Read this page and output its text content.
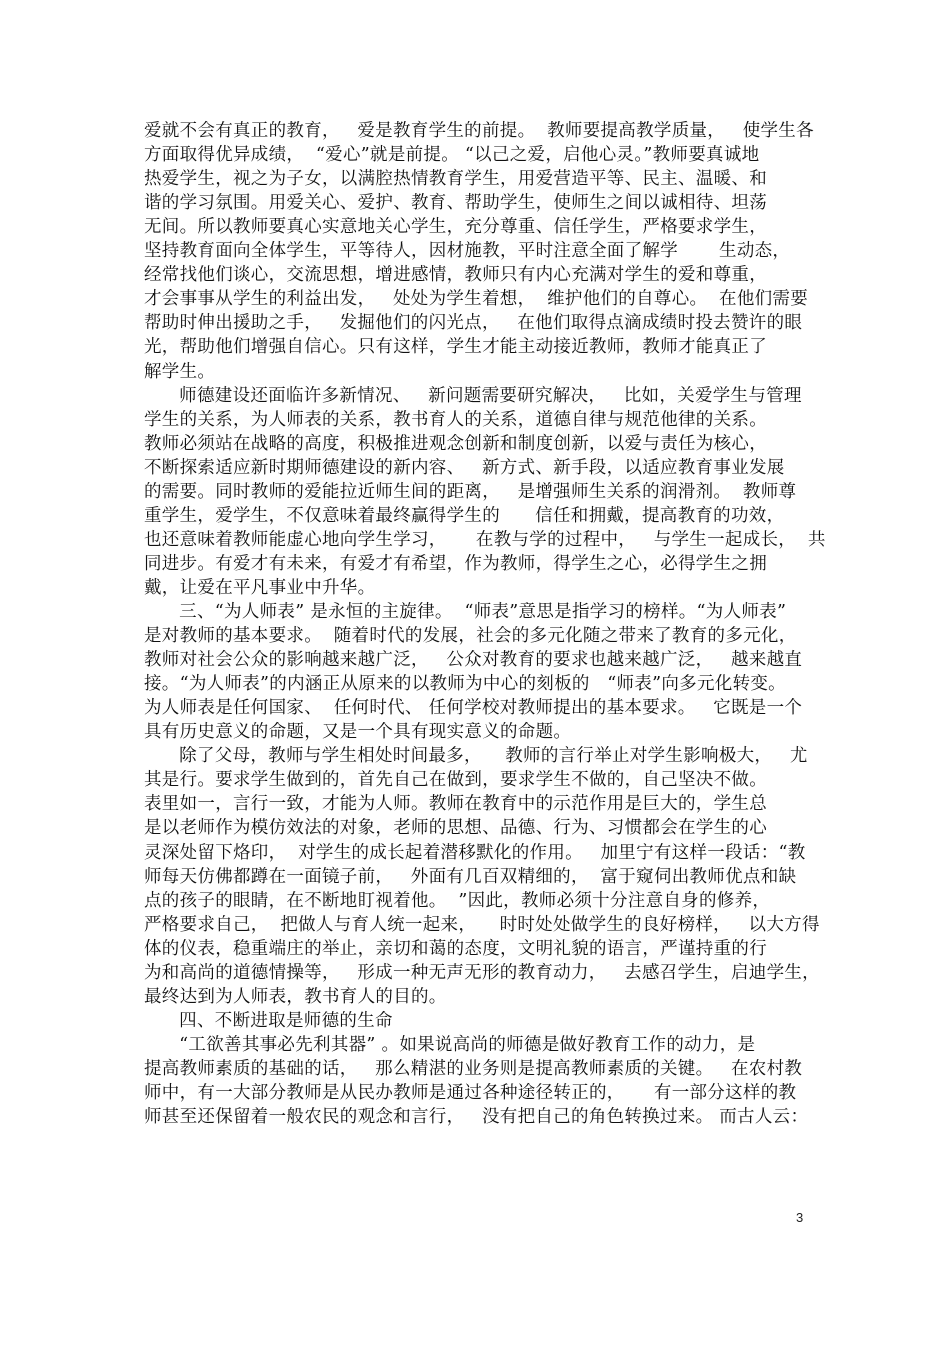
爱就不会有真正的教育，   爱是教育学生的前提。  教师要提高教学质量，   使学生各
方面取得优异成绩，  “爱心”就是前提。 “以己之爱，启他心灵。”教师要真诚地
热爱学生，视之为子女，以满腔热情教育学生，用爱营造平等、民主、温暖、和
谐的学习氛围。用爱关心、爱护、教育、帮助学生，使师生之间以诚相待、坦荡
无间。所以教师要真心实意地关心学生，充分尊重、信任学生，严格要求学生，
坚持教育面向全体学生，平等待人，因材施教，平时注意全面了解学       生动态，
经常找他们谈心，交流思想，增进感情，教师只有内心充满对学生的爱和尊重，
才会事事从学生的利益出发，   处处为学生着想，  维护他们的自尊心。  在他们需要
帮助时伸出援助之手，   发掘他们的闪光点，   在他们取得点滴成绩时投去赞许的眼
光，帮助他们增强自信心。只有这样，学生才能主动接近教师，教师才能真正了
解学生。
师德建设还面临许多新情况、   新问题需要研究解决，   比如，关爱学生与管理
学生的关系，为人师表的关系，教书育人的关系，道德自律与规范他律的关系。
教师必须站在战略的高度，积极推进观念创新和制度创新，以爱与责任为核心，
不断探索适应新时期师德建设的新内容、   新方式、新手段，以适应教育事业发展
的需要。同时教师的爱能拉近师生间的距离，   是增强师生关系的润滑剂。  教师尊
重学生，爱学生，不仅意味着最终赢得学生的      信任和拥戴，提高教育的功效，
也还意味着教师能虚心地向学生学习，     在教与学的过程中，   与学生一起成长，  共
同进步。有爱才有未来，有爱才有希望，作为教师，得学生之心，必得学生之拥
戴，让爱在平凡事业中升华。
三、“为人师表” 是永恒的主旋律。  “师表”意思是指学习的榜样。“为人师表”
是对教师的基本要求。  随着时代的发展，社会的多元化随之带来了教育的多元化，
教师对社会公众的影响越来越广泛，   公众对教育的要求也越来越广泛，   越来越直
接。“为人师表”的内涵正从原来的以教师为中心的刻板的   “师表”向多元化转变。
为人师表是任何国家、  任何时代、 任何学校对教师提出的基本要求。   它既是一个
具有历史意义的命题，又是一个具有现实意义的命题。
除了父母，教师与学生相处时间最多，    教师的言行举止对学生影响极大，   尤
其是行。要求学生做到的，首先自己在做到，要求学生不做的，自己坚决不做。
表里如一，言行一致，才能为人师。教师在教育中的示范作用是巨大的，学生总
是以老师作为模仿效法的对象，老师的思想、品德、行为、习惯都会在学生的心
灵深处留下烙印，  对学生的成长起着潜移默化的作用。   加里宁有这样一段话：“教
师每天仿佛都蹲在一面镜子前，   外面有几百双精细的，  富于窥伺出教师优点和缺
点的孩子的眼睛，在不断地盯视着他。  ”因此，教师必须十分注意自身的修养，
严格要求自己，  把做人与育人统一起来，    时时处处做学生的良好榜样，   以大方得
体的仪表，稳重端庄的举止，亲切和蔼的态度，文明礼貌的语言，严谨持重的行
为和高尚的道德情操等，   形成一种无声无形的教育动力，   去感召学生，启迪学生，
最终达到为人师表，教书育人的目的。
四、不断进取是师德的生命
“工欲善其事必先利其器” 。如果说高尚的师德是做好教育工作的动力，是
提高教师素质的基础的话，   那么精湛的业务则是提高教师素质的关键。   在农村教
师中，有一大部分教师是从民办教师是通过各种途径转正的，     有一部分这样的教
师甚至还保留着一般农民的观念和言行，   没有把自己的角色转换过来。 而古人云：
3
